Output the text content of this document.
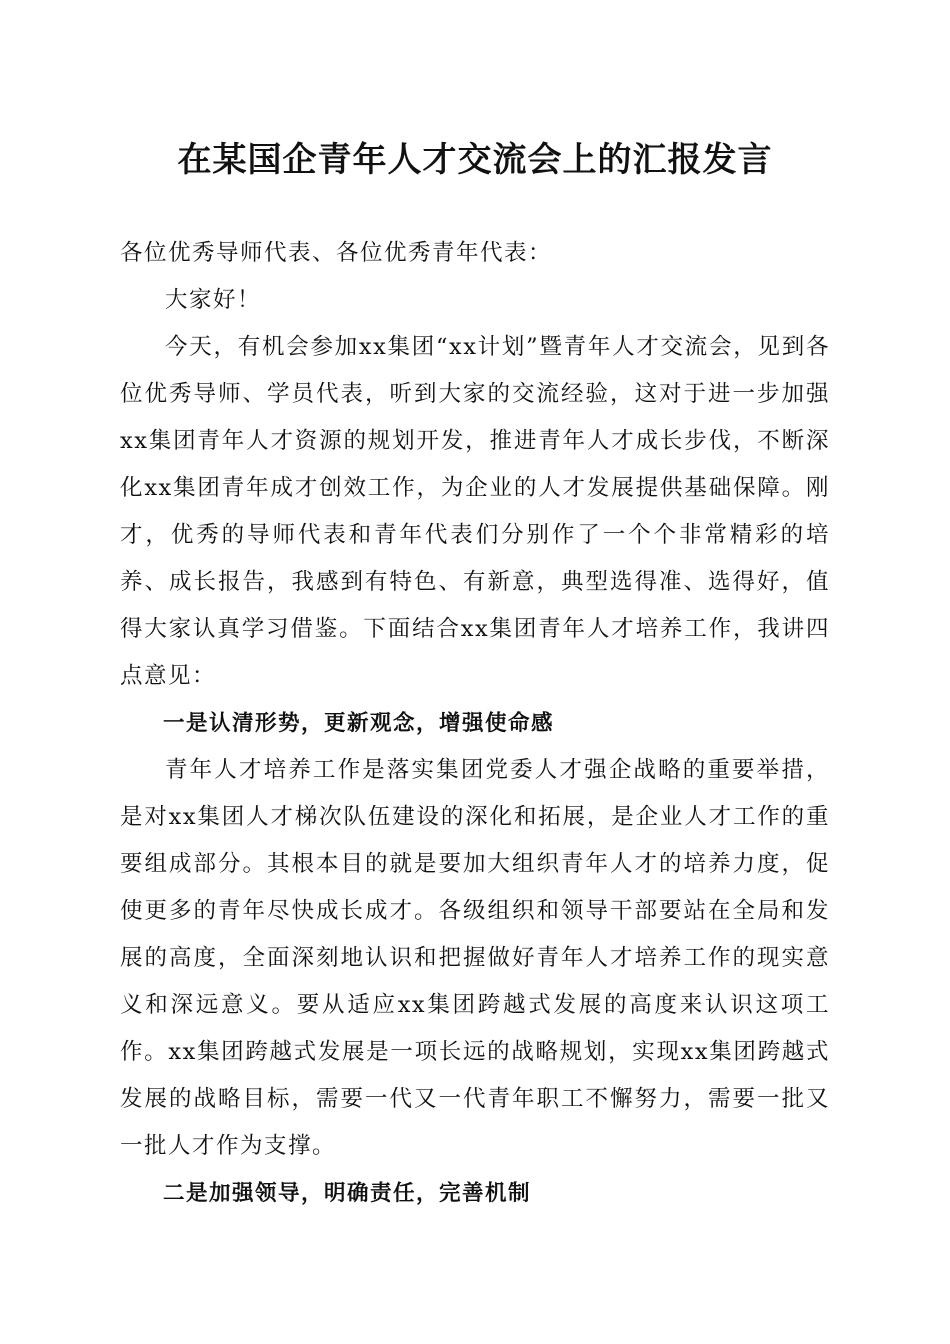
在某国企青年人才交流会上的汇报发言

各位优秀导师代表、各位优秀青年代表：

大家好！

今天，有机会参加xx集团“xx计划”暨青年人才交流会，见到各位优秀导师、学员代表，听到大家的交流经验，这对于进一步加强xx集团青年人才资源的规划开发，推进青年人才成长步伐，不断深化xx集团青年成才创效工作，为企业的人才发展提供基础保障。刚才，优秀的导师代表和青年代表们分别作了一个个非常精彩的培养、成长报告，我感到有特色、有新意，典型选得准、选得好，值得大家认真学习借鉴。下面结合xx集团青年人才培养工作，我讲四点意见：

一是认清形势，更新观念，增强使命感

青年人才培养工作是落实集团党委人才强企战略的重要举措，是对xx集团人才梯次队伍建设的深化和拓展，是企业人才工作的重要组成部分。其根本目的就是要加大组织青年人才的培养力度，促使更多的青年尽快成长成才。各级组织和领导干部要站在全局和发展的高度，全面深刻地认识和把握做好青年人才培养工作的现实意义和深远意义。要从适应xx集团跨越式发展的高度来认识这项工作。xx集团跨越式发展是一项长远的战略规划，实现xx集团跨越式发展的战略目标，需要一代又一代青年职工不懈努力，需要一批又一批人才作为支撑。

二是加强领导，明确责任，完善机制
